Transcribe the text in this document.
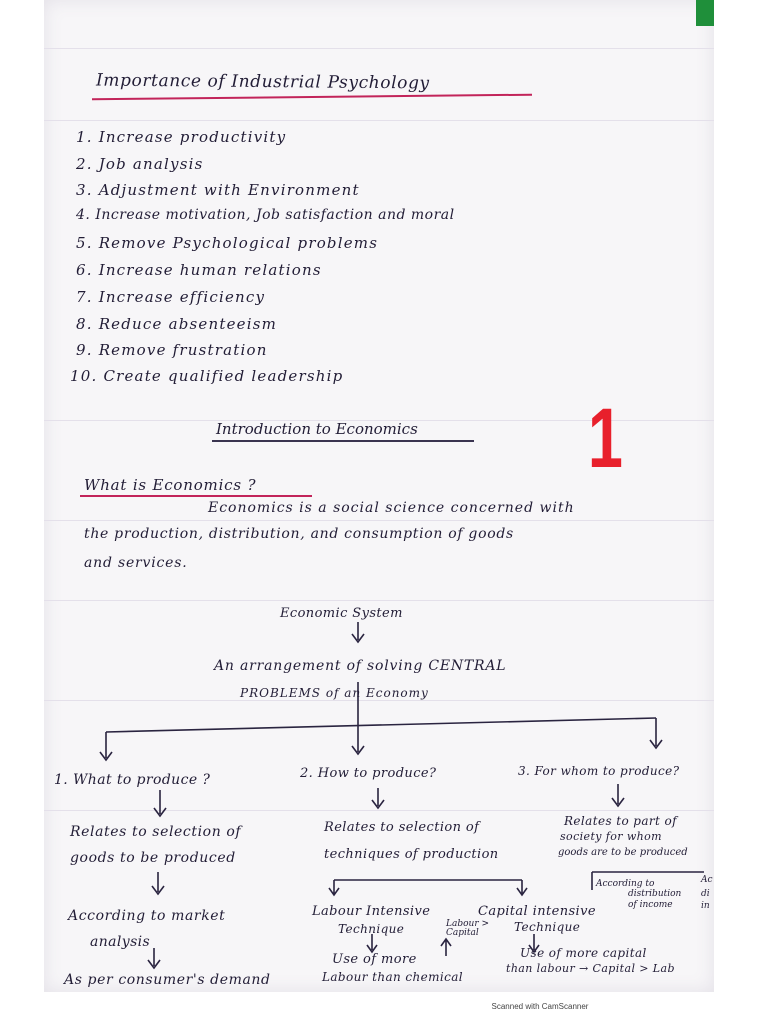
Importance of Industrial Psychology
1. Increase productivity
2. Job analysis
3. Adjustment with Environment
4. Increase motivation, Job satisfaction and moral
5. Remove Psychological problems
6. Increase human relations
7. Increase efficiency
8. Reduce absenteeism
9. Remove frustration
10. Create qualified leadership
Introduction to Economics 1
What is Economics ?
Economics is a social science concerned with
the production, distribution, and consumption of goods
and services.
Economic System
An arrangement of solving CENTRAL
PROBLEMS of an Economy
1. What to produce ?
Relates to selection of
goods to be produced
According to market
analysis
As per consumer's demand
2. How to produce?
Relates to selection of
techniques of production
Labour Intensive
Technique
Use of more
Labour than chemical
Labour >
Capital
Capital intensive
Technique
Use of more capital
than labour → Capital > Lab
3. For whom to produce?
Relates to part of
society for whom
goods are to be produced
According to
distribution
of income
Ac
di
in
Scanned with CamScanner
